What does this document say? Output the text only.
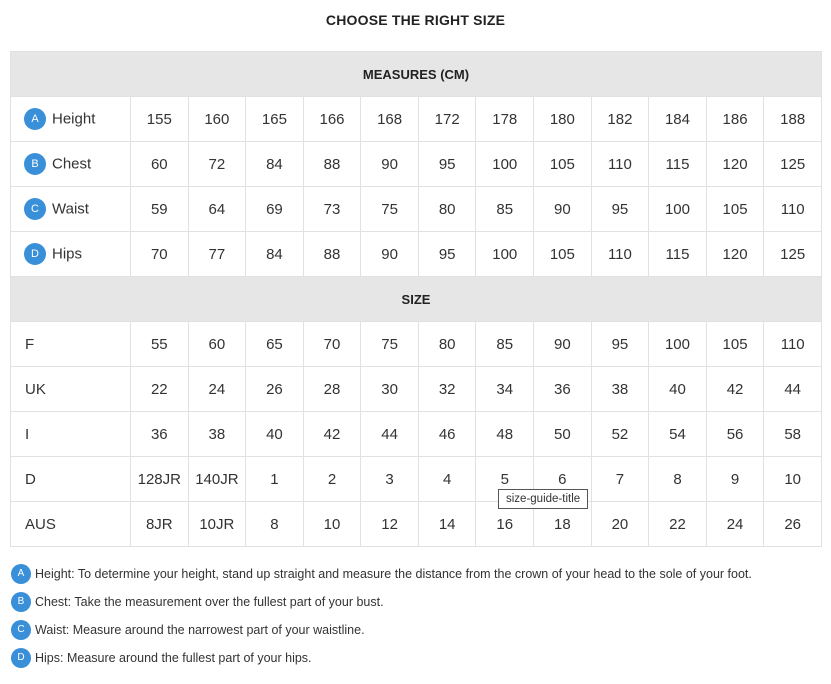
CHOOSE THE RIGHT SIZE
MEASURES (CM)												
A Height	155	160	165	166	168	172	178	180	182	184	186	188
B Chest	60	72	84	88	90	95	100	105	110	115	120	125
C Waist	59	64	69	73	75	80	85	90	95	100	105	110
D Hips	70	77	84	88	90	95	100	105	110	115	120	125
SIZE												
F	55	60	65	70	75	80	85	90	95	100	105	110
UK	22	24	26	28	30	32	34	36	38	40	42	44
I	36	38	40	42	44	46	48	50	52	54	56	58
D	128JR	140JR	1	2	3	4	5	6	7	8	9	10
AUS	8JR	10JR	8	10	12	14	16	18	20	22	24	26
A Height: To determine your height, stand up straight and measure the distance from the crown of your head to the sole of your foot.
B Chest: Take the measurement over the fullest part of your bust.
C Waist: Measure around the narrowest part of your waistline.
D Hips: Measure around the fullest part of your hips.
size-guide-title
